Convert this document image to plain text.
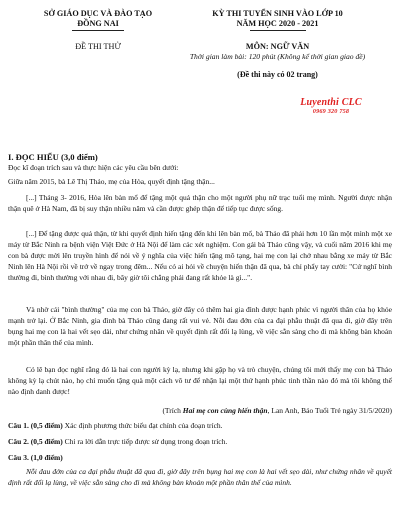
SỞ GIÁO DỤC VÀ ĐÀO TẠO
ĐỒNG NAI
ĐỀ THI THỬ
KỲ THI TUYỂN SINH VÀO LỚP 10
NĂM HỌC 2020 - 2021
MÔN: NGỮ VĂN
Thời gian làm bài: 120 phút (Không kể thời gian giao đề)
(Đề thi này có 02 trang)
Luyenthi CLC
0969 320 758
I. ĐỌC HIỂU (3,0 điểm)

Đọc kĩ đoạn trích sau và thực hiện các yêu cầu bên dưới:

Giữa năm 2015, bà Lê Thị Thảo, mẹ của Hòa, quyết định tặng thận...

[...] Tháng 3- 2016, Hòa lên bàn mổ để tặng một quả thận cho một người phụ nữ trạc tuổi mẹ mình. Người được nhận thận quê ở Hà Nam, đã bị suy thận nhiều năm và cần được ghép thận để tiếp tục được sống.

[...] Để tặng được quả thận, từ khi quyết định hiến tặng đến khi lên bàn mổ, bà Thảo đã phải hơn 10 lần một mình một xe máy từ Bắc Ninh ra bệnh viện Việt Đức ở Hà Nội để làm các xét nghiệm. Con gái bà Thảo cũng vậy, và cuối năm 2016 khi mẹ con bà được mời lên truyền hình để nói về ý nghĩa của việc hiến tặng mô tạng, hai mẹ con lại chở nhau bằng xe máy từ Bắc Ninh lên Hà Nội rồi về trở về ngay trong đêm... Nếu có ai hỏi về chuyện hiến thận đã qua, bà chỉ phẩy tay cười: "Cứ nghĩ bình thường đi, bình thường với nhau đi, bây giờ tôi chẳng phải đang rất khỏe là gì...".

Và nhờ cái "bình thường" của mẹ con bà Thảo, giờ đây có thêm hai gia đình được hạnh phúc vì người thân của họ khỏe mạnh trở lại. Ở Bắc Ninh, gia đình bà Thảo cũng đang rất vui vẻ. Nỗi đau đớn của ca đại phẫu thuật đã qua đi, giờ đây trên bụng hai mẹ con là hai vết sẹo dài, như chứng nhân về quyết định rất đổi lạ lùng, về việc sẵn sàng cho đi mà không bàn khoản một phần thân thể của mình.

Có lẽ bạn đọc nghĩ rằng đó là hai con người kỳ lạ, nhưng khi gặp họ và trò chuyện, chúng tôi mới thấy mẹ con bà Thảo không kỳ lạ chút nào, họ chỉ muốn tặng quà một cách vô tư để nhận lại một thứ hạnh phúc tinh thần nào đó mà tôi không thể nào định danh được!

(Trích Hai mẹ con cùng hiến thận, Lan Anh, Báo Tuổi Trẻ ngày 31/5/2020)
Câu 1. (0,5 điểm) Xác định phương thức biểu đạt chính của đoạn trích.
Câu 2. (0,5 điểm) Chỉ ra lời dẫn trực tiếp được sử dụng trong đoạn trích.
Câu 3. (1,0 điểm)

Nỗi đau đớn của ca đại phẫu thuật đã qua đi, giờ đây trên bụng hai mẹ con là hai vết sẹo dài, như chứng nhân về quyết định rất đổi lạ lùng, về việc sẵn sàng cho đi mà không bàn khoản một phần thân thể của mình.
